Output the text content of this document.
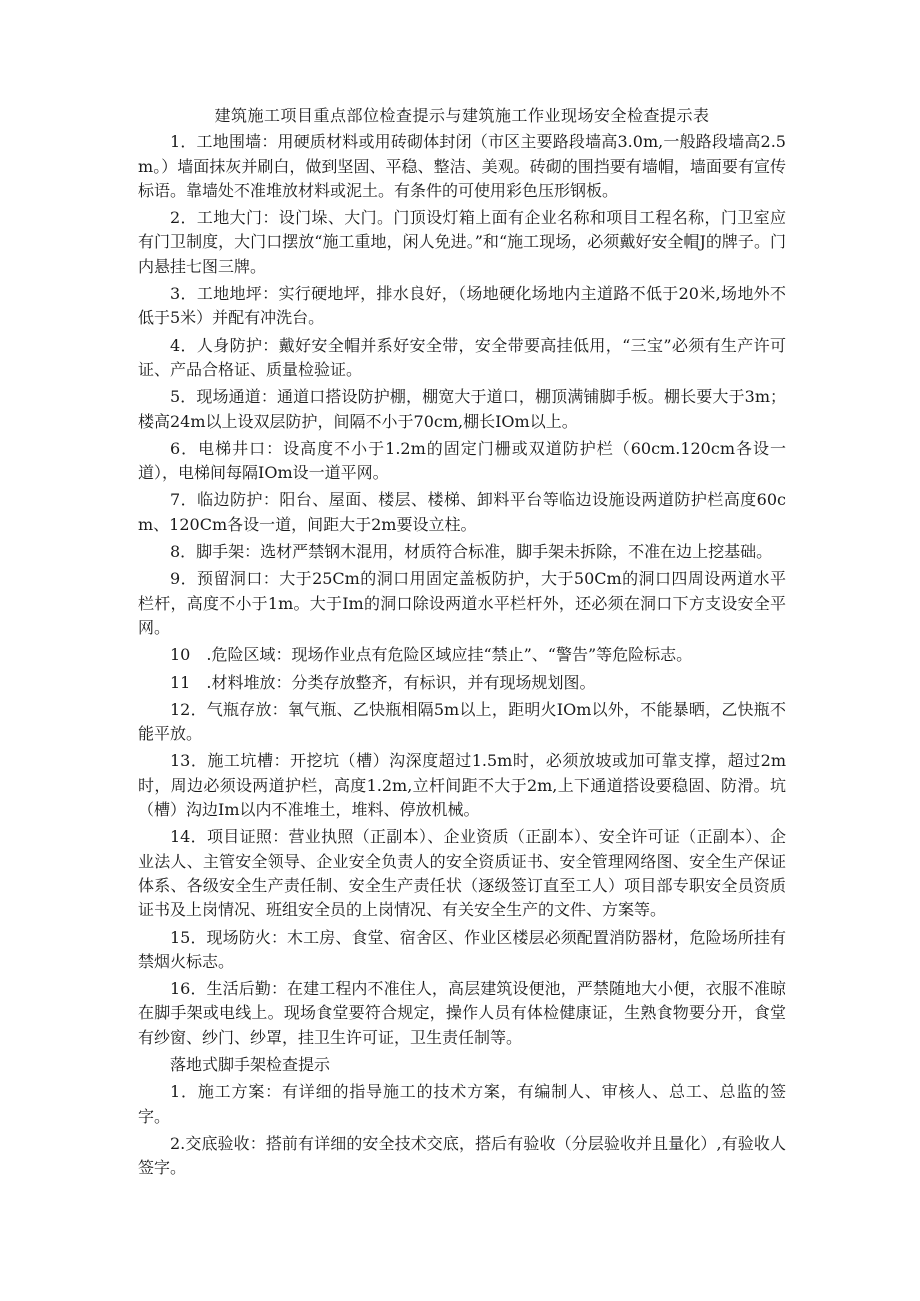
建筑施工项目重点部位检查提示与建筑施工作业现场安全检查提示表

1．工地围墙：用硬质材料或用砖砌体封闭（市区主要路段墙高3.0m,一般路段墙高2.5m。）墙面抹灰并刷白，做到坚固、平稳、整洁、美观。砖砌的围挡要有墙帽，墙面要有宣传标语。靠墙处不准堆放材料或泥土。有条件的可使用彩色压形钢板。

2．工地大门：设门垛、大门。门顶设灯箱上面有企业名称和项目工程名称，门卫室应有门卫制度，大门口摆放“施工重地，闲人免进。”和“施工现场，必须戴好安全帽J的牌子。门内悬挂七图三牌。

3．工地地坪：实行硬地坪，排水良好，（场地硬化场地内主道路不低于20米,场地外不低于5米）并配有冲洗台。

4．人身防护：戴好安全帽并系好安全带，安全带要高挂低用，“三宝”必须有生产许可证、产品合格证、质量检验证。

5．现场通道：通道口搭设防护棚，棚宽大于道口，棚顶满铺脚手板。棚长要大于3m；楼高24m以上设双层防护，间隔不小于70cm,棚长IOm以上。

6．电梯井口：设高度不小于1.2m的固定门栅或双道防护栏（60cm.120cm各设一道），电梯间每隔IOm设一道平网。

7．临边防护：阳台、屋面、楼层、楼梯、卸料平台等临边设施设两道防护栏高度60cm、120Cm各设一道，间距大于2m要设立柱。

8．脚手架：选材严禁钢木混用，材质符合标准，脚手架未拆除，不准在边上挖基础。

9．预留洞口：大于25Cm的洞口用固定盖板防护，大于50Cm的洞口四周设两道水平栏杆，高度不小于1m。大于Im的洞口除设两道水平栏杆外，还必须在洞口下方支设安全平网。

10　.危险区域：现场作业点有危险区域应挂“禁止”、“警告”等危险标志。

11　.材料堆放：分类存放整齐，有标识，并有现场规划图。

12．气瓶存放：氧气瓶、乙快瓶相隔5m以上，距明火IOm以外，不能暴晒，乙快瓶不能平放。

13．施工坑槽：开挖坑（槽）沟深度超过1.5m时，必须放坡或加可靠支撑，超过2m时，周边必须设两道护栏，高度1.2m,立杆间距不大于2m,上下通道搭设要稳固、防滑。坑（槽）沟边Im以内不准堆土，堆料、停放机械。

14．项目证照：营业执照（正副本）、企业资质（正副本）、安全许可证（正副本）、企业法人、主管安全领导、企业安全负责人的安全资质证书、安全管理网络图、安全生产保证体系、各级安全生产责任制、安全生产责任状（逐级签订直至工人）项目部专职安全员资质证书及上岗情况、班组安全员的上岗情况、有关安全生产的文件、方案等。

15．现场防火：木工房、食堂、宿舍区、作业区楼层必须配置消防器材，危险场所挂有禁烟火标志。

16．生活后勤：在建工程内不准住人，高层建筑设便池，严禁随地大小便，衣服不准晾在脚手架或电线上。现场食堂要符合规定，操作人员有体检健康证，生熟食物要分开，食堂有纱窗、纱门、纱罩，挂卫生许可证，卫生责任制等。

落地式脚手架检查提示

1．施工方案：有详细的指导施工的技术方案，有编制人、审核人、总工、总监的签字。

2.交底验收：搭前有详细的安全技术交底，搭后有验收（分层验收并且量化）,有验收人签字。
